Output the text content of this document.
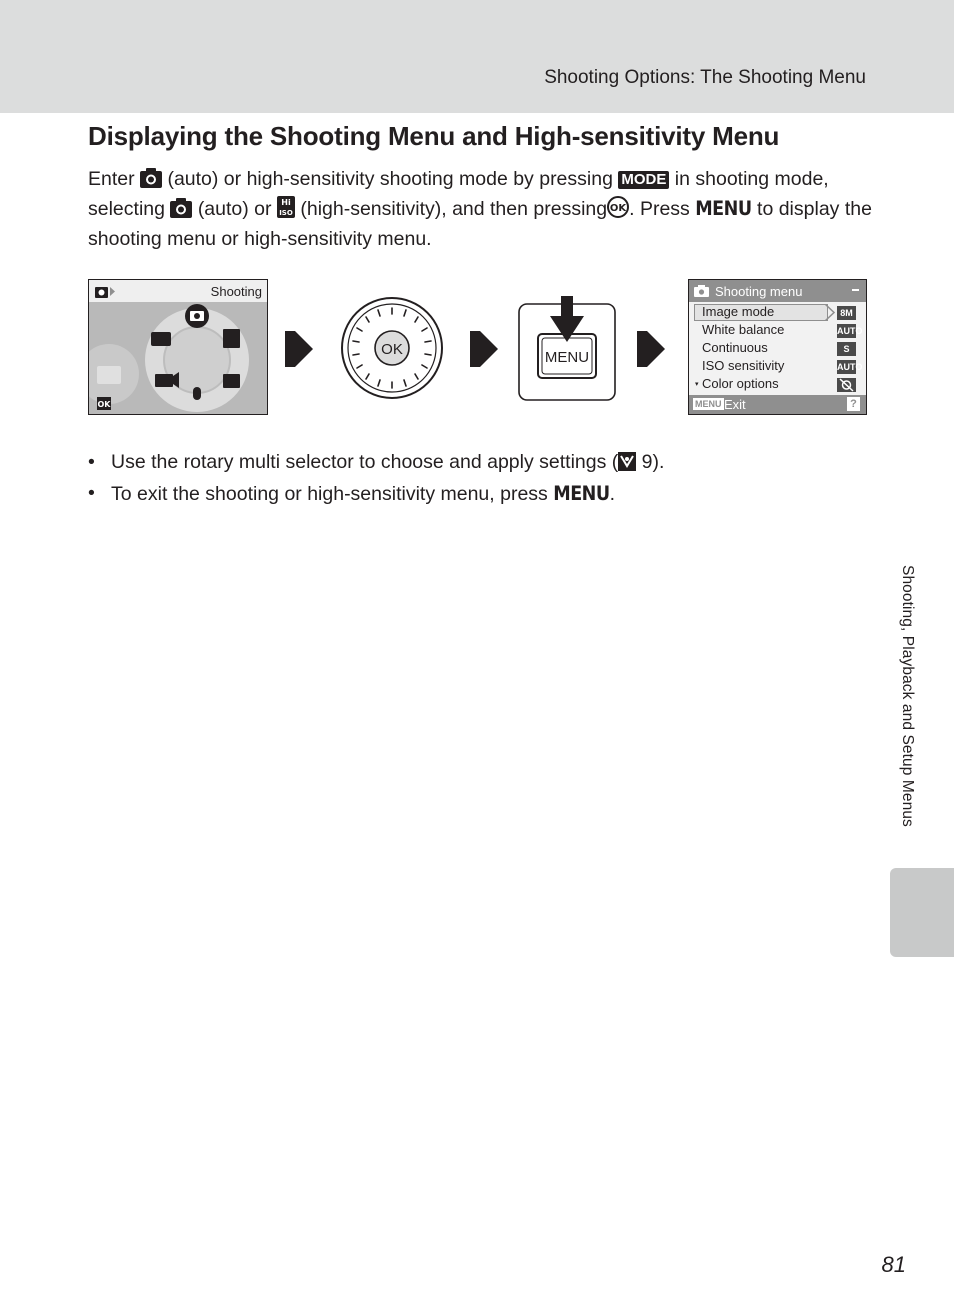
Shooting Options: The Shooting Menu
Displaying the Shooting Menu and High-sensitivity Menu

Enter (auto) or high-sensitivity shooting mode by pressing MODE in shooting mode, selecting (auto) or Hi
ISO (high-sensitivity), and then pressing OK . Press MENU to display the shooting menu or high-sensitivity menu.

Shooting
OK
OK	MENU
Shooting menu
Image mode	8M
White balance	AUTO
Continuous	S
ISO sensitivity	AUTO
▾ Color options
MENU Exit	?
• Use the rotary multi selector to choose and apply settings ( 9).
• To exit the shooting or high-sensitivity menu, press MENU.
Shooting, Playback and Setup Menus
81
